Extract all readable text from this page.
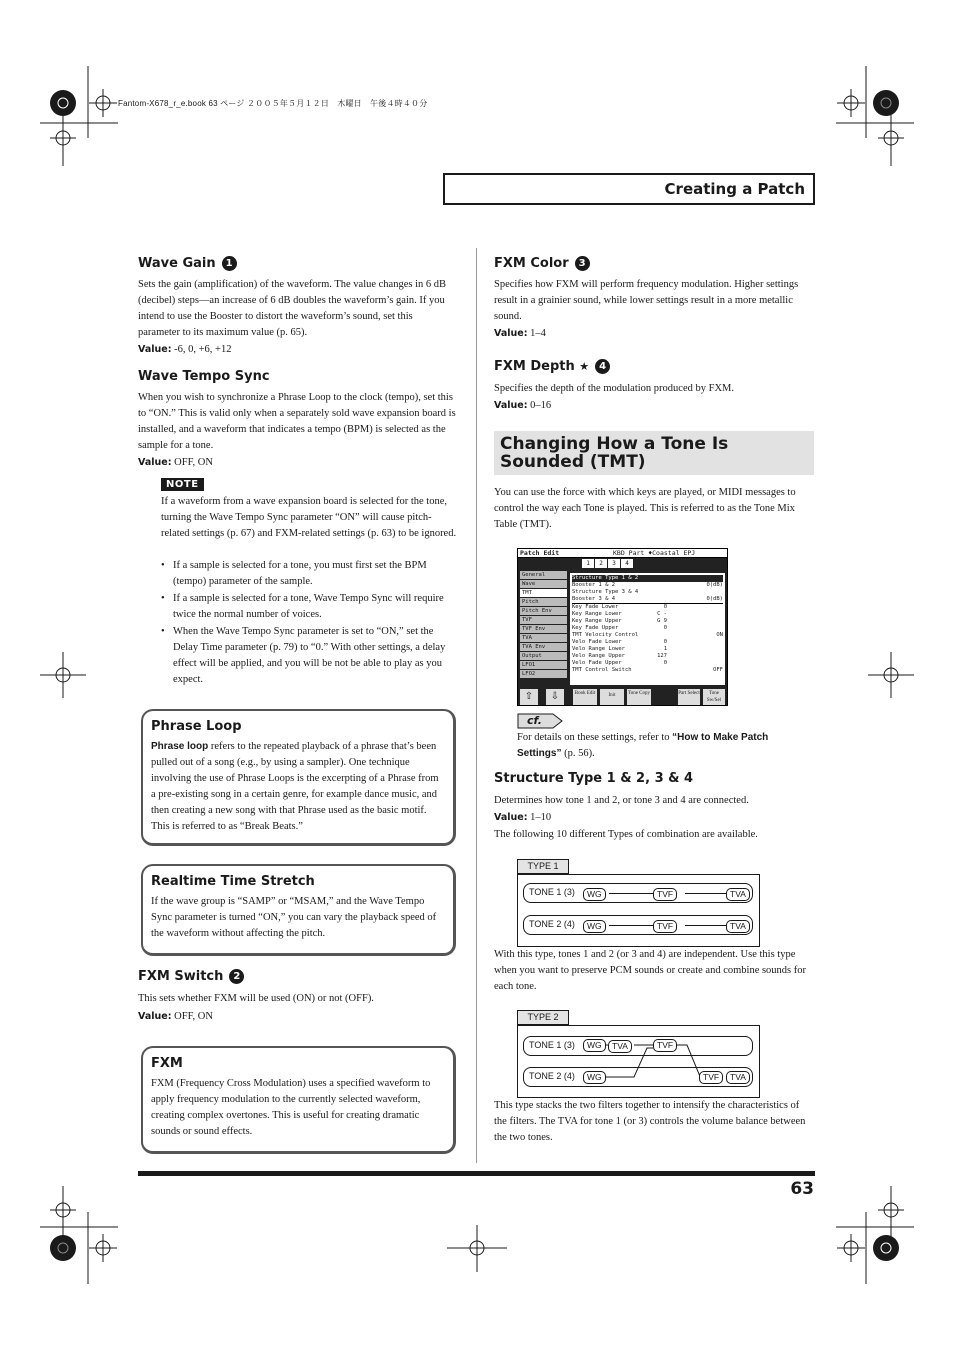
Fantom-X678_r_e.book 63 ページ ２００５年５月１２日　木曜日　午後４時４０分
Creating a Patch
Wave Gain 1
Sets the gain (amplification) of the waveform. The value changes in 6 dB (decibel) steps—an increase of 6 dB doubles the waveform’s gain. If you intend to use the Booster to distort the waveform’s sound, set this parameter to its maximum value (p. 65).
Value: -6, 0, +6, +12
Wave Tempo Sync
When you wish to synchronize a Phrase Loop to the clock (tempo), set this to “ON.” This is valid only when a separately sold wave expansion board is installed, and a waveform that indicates a tempo (BPM) is selected as the sample for a tone.
Value: OFF, ON
NOTE
If a waveform from a wave expansion board is selected for the tone, turning the Wave Tempo Sync parameter “ON” will cause pitch-related settings (p. 67) and FXM-related settings (p. 63) to be ignored.
• If a sample is selected for a tone, you must first set the BPM (tempo) parameter of the sample.
• If a sample is selected for a tone, Wave Tempo Sync will require twice the normal number of voices.
• When the Wave Tempo Sync parameter is set to “ON,” set the Delay Time parameter (p. 79) to “0.” With other settings, a delay effect will be applied, and you will be not be able to play as you expect.
Phrase Loop
Phrase loop refers to the repeated playback of a phrase that’s been pulled out of a song (e.g., by using a sampler). One technique involving the use of Phrase Loops is the excerpting of a Phrase from a pre-existing song in a certain genre, for example dance music, and then creating a new song with that Phrase used as the basic motif. This is referred to as “Break Beats.”
Realtime Time Stretch
If the wave group is “SAMP” or “MSAM,” and the Wave Tempo Sync parameter is turned “ON,” you can vary the playback speed of the waveform without affecting the pitch.
FXM Switch 2
This sets whether FXM will be used (ON) or not (OFF).
Value: OFF, ON
FXM
FXM (Frequency Cross Modulation) uses a specified waveform to apply frequency modulation to the currently selected waveform, creating complex overtones. This is useful for creating dramatic sounds or sound effects.
FXM Color 3
Specifies how FXM will perform frequency modulation. Higher settings result in a grainier sound, while lower settings result in a more metallic sound.
Value: 1–4
FXM Depth ★ 4
Specifies the depth of the modulation produced by FXM.
Value: 0–16
Changing How a Tone Is Sounded (TMT)
You can use the force with which keys are played, or MIDI messages to control the way each Tone is played. This is referred to as the Tone Mix Table (TMT).
Patch Edit	KBD Part ♦Coastal EPJ
1	2	3	4
General
Wave
TMT
Pitch
Pitch Env
TVF
TVF Env
TVA
TVA Env
Output
LFO1
LFO2
Structure Type 1 & 2
Booster 1 & 2	0(dB)
Structure Type 3 & 4
Booster 3 & 4	0(dB)
Key Fade Lower	0
Key Range Lower	C -
Key Range Upper	G 9
Key Fade Upper	0
TMT Velocity Control	ON
Velo Fade Lower	0
Velo Range Lower	1
Velo Range Upper	127
Velo Fade Upper	0
TMT Control Switch	OFF
⇧	⇩	Book Edit	Init	Tone Copy	Part Select	Tone Sw/Sel
cf.
For details on these settings, refer to “How to Make Patch Settings” (p. 56).
Structure Type 1 & 2, 3 & 4
Determines how tone 1 and 2, or tone 3 and 4 are connected.
Value: 1–10
The following 10 different Types of combination are available.
TYPE 1
TONE 1 (3)	WG	TVF	TVA
TONE 2 (4)	WG	TVF	TVA
With this type, tones 1 and 2 (or 3 and 4) are independent. Use this type when you want to preserve PCM sounds or create and combine sounds for each tone.
TYPE 2
TONE 1 (3)
TONE 2 (4)
WG	TVA	TVF
WG	TVF	TVA
This type stacks the two filters together to intensify the characteristics of the filters. The TVA for tone 1 (or 3) controls the volume balance between the two tones.
63
